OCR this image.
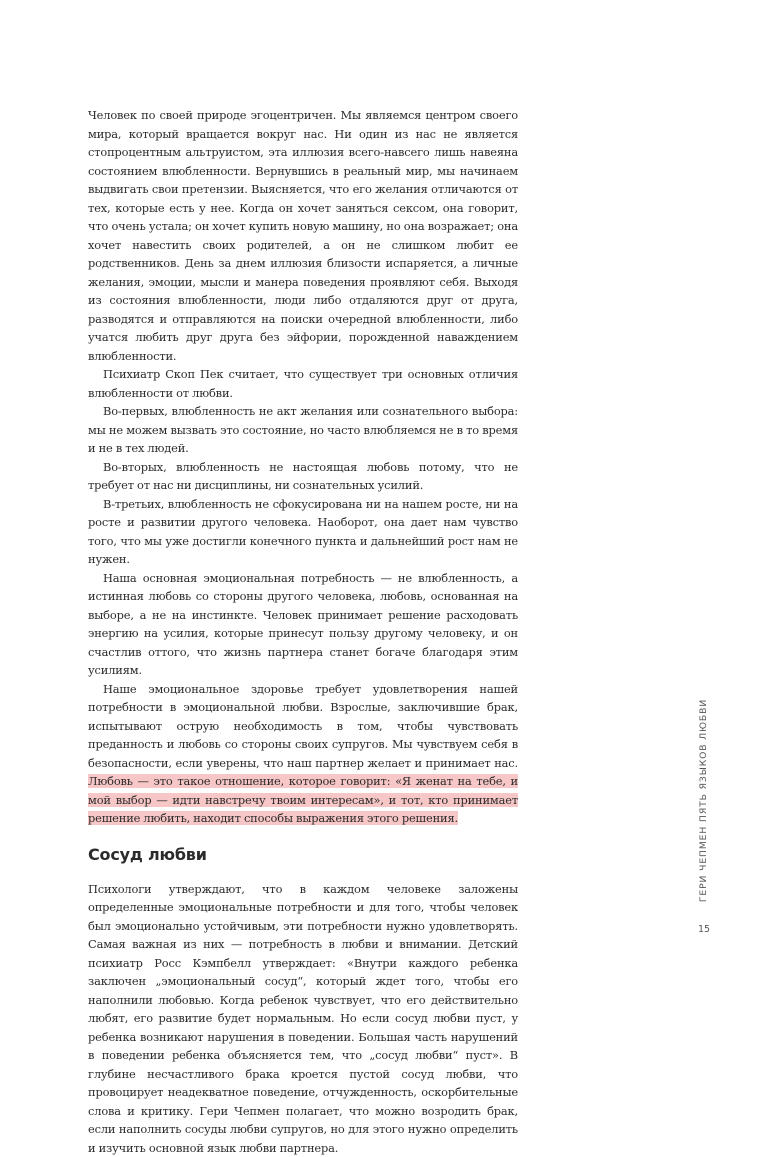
Человек по своей природе эгоцентричен. Мы являемся центром своего мира, который вращается вокруг нас. Ни один из нас не является стопроцентным альтруистом, эта иллюзия всего-навсего лишь навеяна состоянием влюбленности. Вернувшись в реальный мир, мы начинаем выдвигать свои претензии. Выясняется, что его желания отличаются от тех, которые есть у нее. Когда он хочет заняться сексом, она говорит, что очень устала; он хочет купить новую машину, но она возражает; она хочет навестить своих родителей, а он не слишком любит ее родственников. День за днем иллюзия близости испаряется, а личные желания, эмоции, мысли и манера поведения проявляют себя. Выходя из состояния влюбленности, люди либо отдаляются друг от друга, разводятся и отправляются на поиски очередной влюбленности, либо учатся любить друг друга без эйфории, порожденной наваждением влюбленности.

Психиатр Скоп Пек считает, что существует три основных отличия влюбленности от любви.

Во-первых, влюбленность не акт желания или сознательного выбора: мы не можем вызвать это состояние, но часто влюбляемся не в то время и не в тех людей.

Во-вторых, влюбленность не настоящая любовь потому, что не требует от нас ни дисциплины, ни сознательных усилий.

В-третьих, влюбленность не сфокусирована ни на нашем росте, ни на росте и развитии другого человека. Наоборот, она дает нам чувство того, что мы уже достигли конечного пункта и дальнейший рост нам не нужен.

Наша основная эмоциональная потребность — не влюбленность, а истинная любовь со стороны другого человека, любовь, основанная на выборе, а не на инстинкте. Человек принимает решение расходовать энергию на усилия, которые принесут пользу другому человеку, и он счастлив оттого, что жизнь партнера станет богаче благодаря этим усилиям.

Наше эмоциональное здоровье требует удовлетворения нашей потребности в эмоциональной любви. Взрослые, заключившие брак, испытывают острую необходимость в том, чтобы чувствовать преданность и любовь со стороны своих супругов. Мы чувствуем себя в безопасности, если уверены, что наш партнер желает и принимает нас. Любовь — это такое отношение, которое говорит: «Я женат на тебе, и мой выбор — идти навстречу твоим интересам», и тот, кто принимает решение любить, находит способы выражения этого решения.

Сосуд любви

Психологи утверждают, что в каждом человеке заложены определенные эмоциональные потребности и для того, чтобы человек был эмоционально устойчивым, эти потребности нужно удовлетворять. Самая важная из них — потребность в любви и внимании. Детский психиатр Росс Кэмпбелл утверждает: «Внутри каждого ребенка заключен „эмоциональный сосуд“, который ждет того, чтобы его наполнили любовью. Когда ребенок чувствует, что его действительно любят, его развитие будет нормальным. Но если сосуд любви пуст, у ребенка возникают нарушения в поведении. Большая часть нарушений в поведении ребенка объясняется тем, что „сосуд любви“ пуст». В глубине несчастливого брака кроется пустой сосуд любви, что провоцирует неадекватное поведение, отчужденность, оскорбительные слова и критику. Гери Чепмен полагает, что можно возродить брак, если наполнить сосуды любви супругов, но для этого нужно определить и изучить основной язык любви партнера.

ГЕРИ ЧЕПМЕН ПЯТЬ ЯЗЫКОВ ЛЮБВИ
15
